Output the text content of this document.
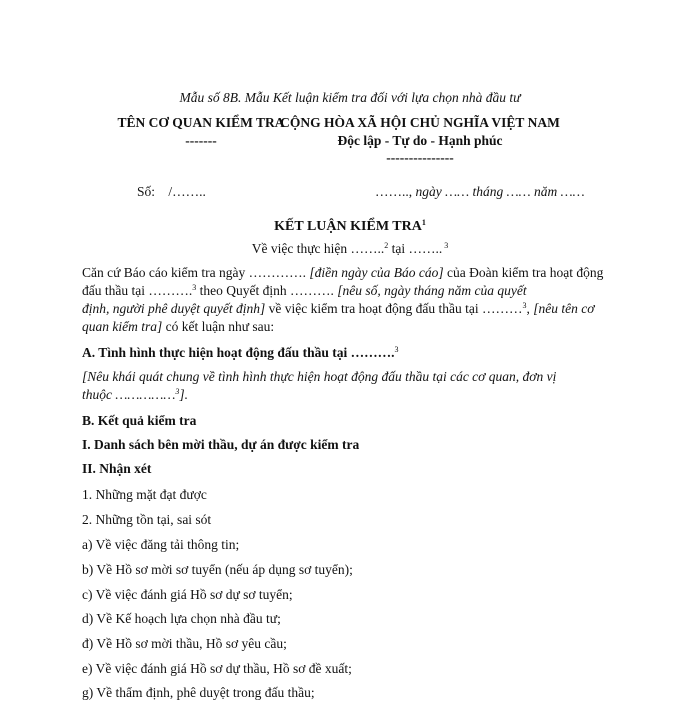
Mẫu số 8B. Mẫu Kết luận kiểm tra đối với lựa chọn nhà đầu tư
TÊN CƠ QUAN KIỂM TRA
-------
CỘNG HÒA XÃ HỘI CHỦ NGHĨA VIỆT NAM
Độc lập - Tự do - Hạnh phúc
---------------
Số: /……..	…….., ngày …… tháng …… năm ……
KẾT LUẬN KIỂM TRA$^1$
Về việc thực hiện ……..$^2$ tại …….. $^3$
Căn cứ Báo cáo kiểm tra ngày …………. [điền ngày của Báo cáo] của Đoàn kiểm tra hoạt động
đấu thầu tại ……….$^3$ theo Quyết định ………. [nêu số, ngày tháng năm của quyết
định, người phê duyệt quyết định] về việc kiểm tra hoạt động đấu thầu tại ………$^3$, [nêu tên cơ
quan kiểm tra] có kết luận như sau:
A. Tình hình thực hiện hoạt động đấu thầu tại ……….$^3$
[Nêu khái quát chung về tình hình thực hiện hoạt động đấu thầu tại các cơ quan, đơn vị
thuộc ……………$^3$].
B. Kết quả kiểm tra
I. Danh sách bên mời thầu, dự án được kiểm tra
II. Nhận xét
1. Những mặt đạt được
2. Những tồn tại, sai sót
a) Về việc đăng tải thông tin;
b) Về Hồ sơ mời sơ tuyển (nếu áp dụng sơ tuyển);
c) Về việc đánh giá Hồ sơ dự sơ tuyển;
d) Về Kế hoạch lựa chọn nhà đầu tư;
đ) Về Hồ sơ mời thầu, Hồ sơ yêu cầu;
e) Về việc đánh giá Hồ sơ dự thầu, Hồ sơ đề xuất;
g) Về thẩm định, phê duyệt trong đấu thầu;
